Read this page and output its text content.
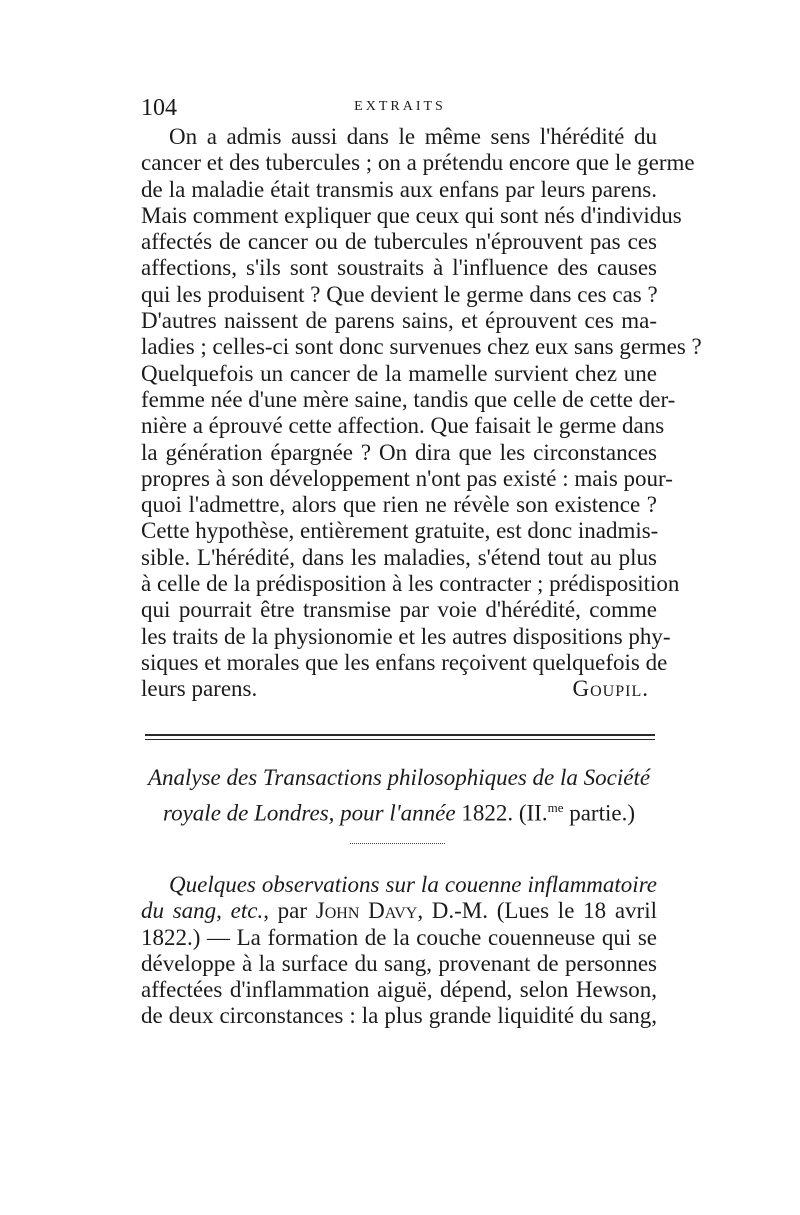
104	EXTRAITS
On a admis aussi dans le même sens l'hérédité du
cancer et des tubercules ; on a prétendu encore que le germe
de la maladie était transmis aux enfans par leurs parens.
Mais comment expliquer que ceux qui sont nés d'individus
affectés de cancer ou de tubercules n'éprouvent pas ces
affections, s'ils sont soustraits à l'influence des causes
qui les produisent ? Que devient le germe dans ces cas ?
D'autres naissent de parens sains, et éprouvent ces ma-
ladies ; celles-ci sont donc survenues chez eux sans germes ?
Quelquefois un cancer de la mamelle survient chez une
femme née d'une mère saine, tandis que celle de cette der-
nière a éprouvé cette affection. Que faisait le germe dans
la génération épargnée ? On dira que les circonstances
propres à son développement n'ont pas existé : mais pour-
quoi l'admettre, alors que rien ne révèle son existence ?
Cette hypothèse, entièrement gratuite, est donc inadmis-
sible. L'hérédité, dans les maladies, s'étend tout au plus
à celle de la prédisposition à les contracter ; prédisposition
qui pourrait être transmise par voie d'hérédité, comme
les traits de la physionomie et les autres dispositions phy-
siques et morales que les enfans reçoivent quelquefois de
leurs parens.	Goupil.
Analyse des Transactions philosophiques de la Société
royale de Londres, pour l'année 1822. (II.$^{me}$ partie.)
Quelques observations sur la couenne inflammatoire
du sang, etc., par John Davy, D.-M. (Lues le 18 avril
1822.) — La formation de la couche couenneuse qui se
développe à la surface du sang, provenant de personnes
affectées d'inflammation aiguë, dépend, selon Hewson,
de deux circonstances : la plus grande liquidité du sang,
